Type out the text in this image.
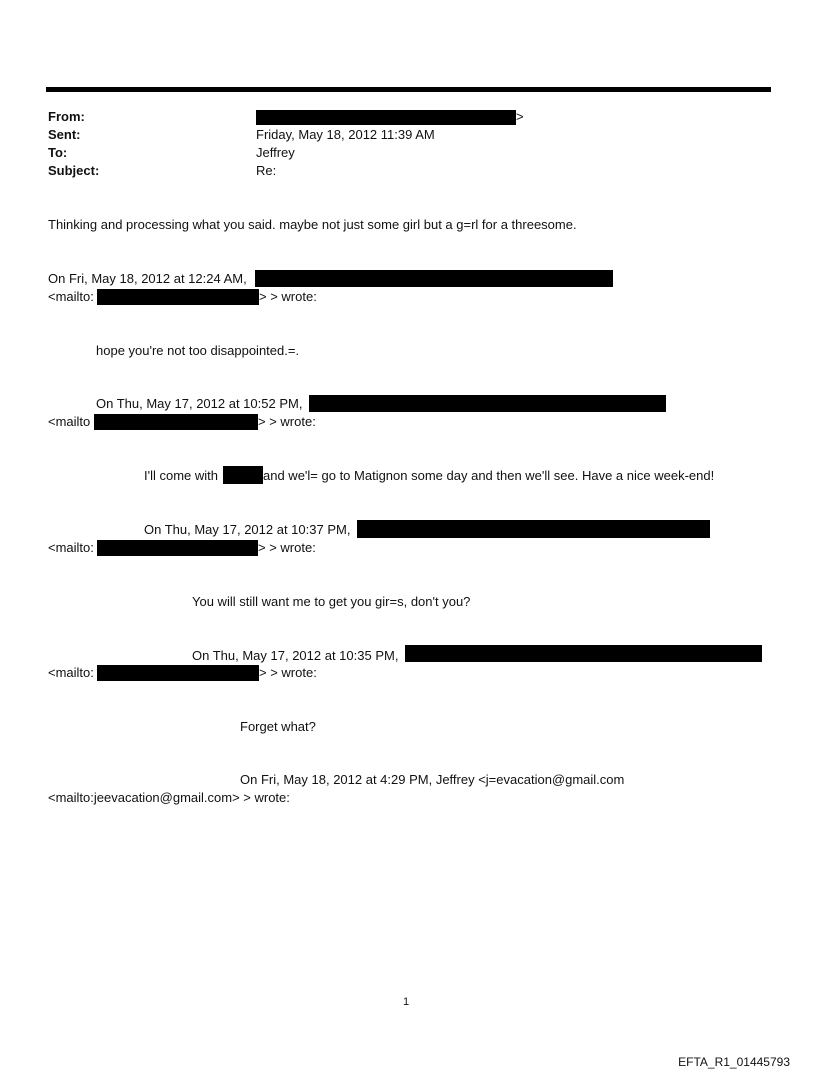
From:	>
Sent:	Friday, May 18, 2012 11:39 AM
To:	Jeffrey
Subject:	Re:
Thinking and processing what you said. maybe not just some girl but a g=rl for a threesome.
On Fri, May 18, 2012 at 12:24 AM,
<mailto:	> > wrote:
hope you're not too disappointed.=.
On Thu, May 17, 2012 at 10:52 PM,
<mailto	> > wrote:
I'll come with	and we'l= go to Matignon some day and then we'll see. Have a nice week-end!
On Thu, May 17, 2012 at 10:37 PM,
<mailto:	> > wrote:
You will still want me to get you gir=s, don't you?
On Thu, May 17, 2012 at 10:35 PM,
<mailto:	> > wrote:
Forget what?
On Fri, May 18, 2012 at 4:29 PM, Jeffrey <j=evacation@gmail.com
<mailto:jeevacation@gmail.com> > wrote:
1
EFTA_R1_01445793
